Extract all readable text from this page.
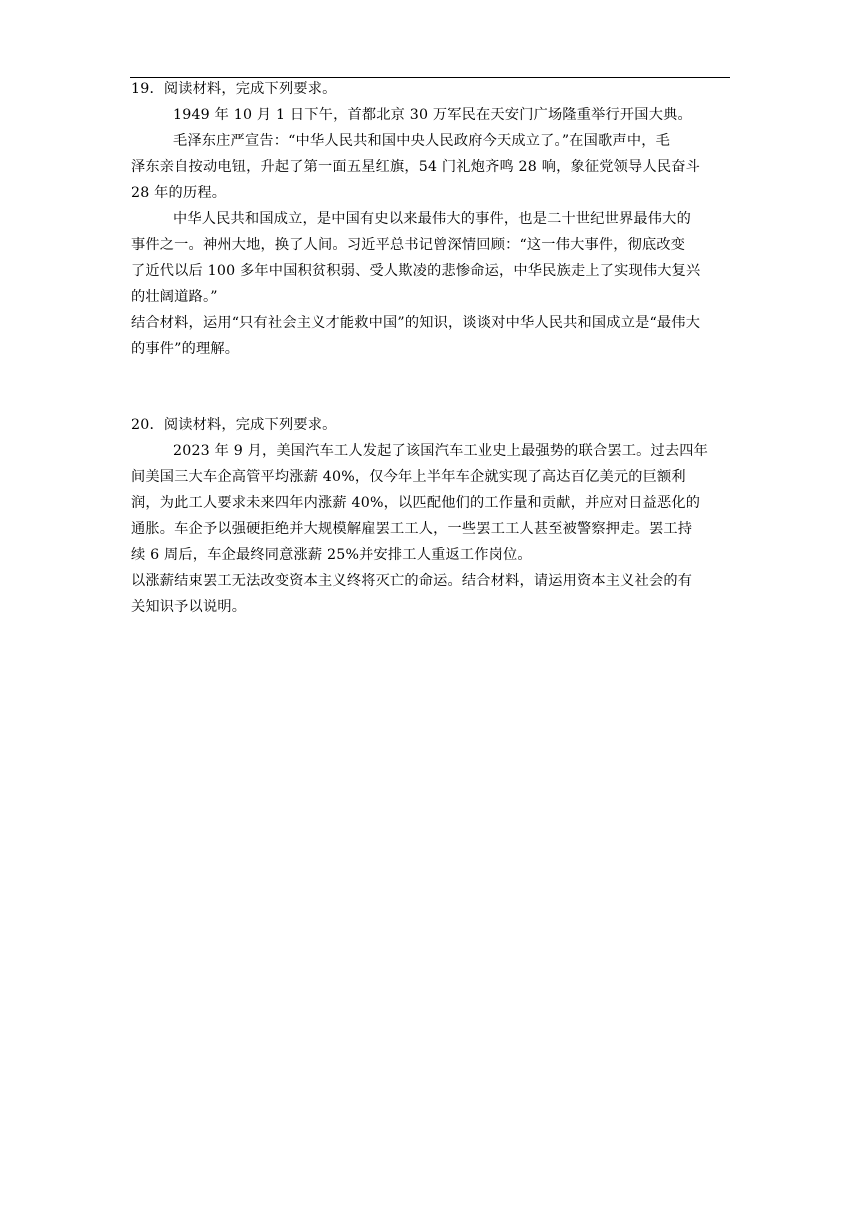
19．阅读材料，完成下列要求。
1949 年 10 月 1 日下午，首都北京 30 万军民在天安门广场隆重举行开国大典。
毛泽东庄严宣告：“中华人民共和国中央人民政府今天成立了。”在国歌声中，毛
泽东亲自按动电钮，升起了第一面五星红旗，54 门礼炮齐鸣 28 响，象征党领导人民奋斗
28 年的历程。
中华人民共和国成立，是中国有史以来最伟大的事件，也是二十世纪世界最伟大的
事件之一。神州大地，换了人间。习近平总书记曾深情回顾：“这一伟大事件，彻底改变
了近代以后 100 多年中国积贫积弱、受人欺凌的悲惨命运，中华民族走上了实现伟大复兴
的壮阔道路。”
结合材料，运用“只有社会主义才能救中国”的知识，谈谈对中华人民共和国成立是“最伟大
的事件”的理解。
20．阅读材料，完成下列要求。
2023 年 9 月，美国汽车工人发起了该国汽车工业史上最强势的联合罢工。过去四年
间美国三大车企高管平均涨薪 40%，仅今年上半年车企就实现了高达百亿美元的巨额利
润，为此工人要求未来四年内涨薪 40%，以匹配他们的工作量和贡献，并应对日益恶化的
通胀。车企予以强硬拒绝并大规模解雇罢工工人，一些罢工工人甚至被警察押走。罢工持
续 6 周后，车企最终同意涨薪 25%并安排工人重返工作岗位。
以涨薪结束罢工无法改变资本主义终将灭亡的命运。结合材料，请运用资本主义社会的有
关知识予以说明。
